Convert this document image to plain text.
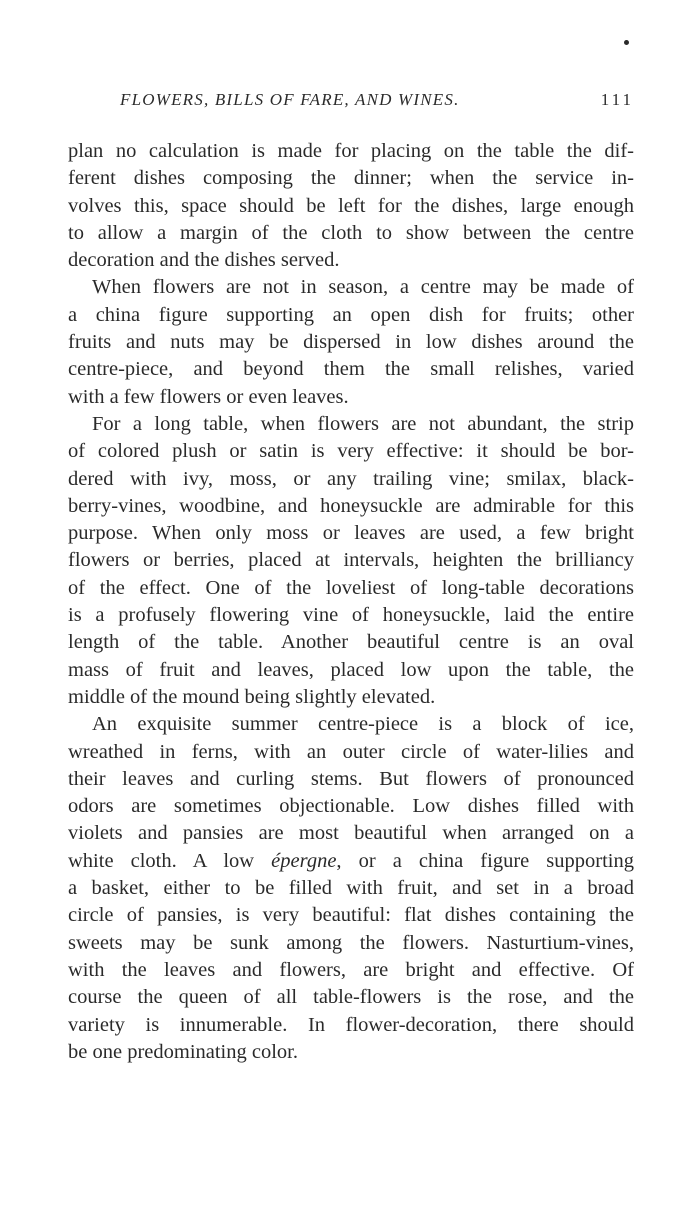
FLOWERS, BILLS OF FARE, AND WINES.	111
plan no calculation is made for placing on the table the dif-
ferent dishes composing the dinner; when the service in-
volves this, space should be left for the dishes, large enough
to allow a margin of the cloth to show between the centre
decoration and the dishes served.
When flowers are not in season, a centre may be made of
a china figure supporting an open dish for fruits; other
fruits and nuts may be dispersed in low dishes around the
centre-piece, and beyond them the small relishes, varied
with a few flowers or even leaves.
For a long table, when flowers are not abundant, the strip
of colored plush or satin is very effective: it should be bor-
dered with ivy, moss, or any trailing vine; smilax, black-
berry-vines, woodbine, and honeysuckle are admirable for this
purpose. When only moss or leaves are used, a few bright
flowers or berries, placed at intervals, heighten the brilliancy
of the effect. One of the loveliest of long-table decorations
is a profusely flowering vine of honeysuckle, laid the entire
length of the table. Another beautiful centre is an oval
mass of fruit and leaves, placed low upon the table, the
middle of the mound being slightly elevated.
An exquisite summer centre-piece is a block of ice,
wreathed in ferns, with an outer circle of water-lilies and
their leaves and curling stems. But flowers of pronounced
odors are sometimes objectionable. Low dishes filled with
violets and pansies are most beautiful when arranged on a
white cloth. A low épergne, or a china figure supporting
a basket, either to be filled with fruit, and set in a broad
circle of pansies, is very beautiful: flat dishes containing the
sweets may be sunk among the flowers. Nasturtium-vines,
with the leaves and flowers, are bright and effective. Of
course the queen of all table-flowers is the rose, and the
variety is innumerable. In flower-decoration, there should
be one predominating color.
